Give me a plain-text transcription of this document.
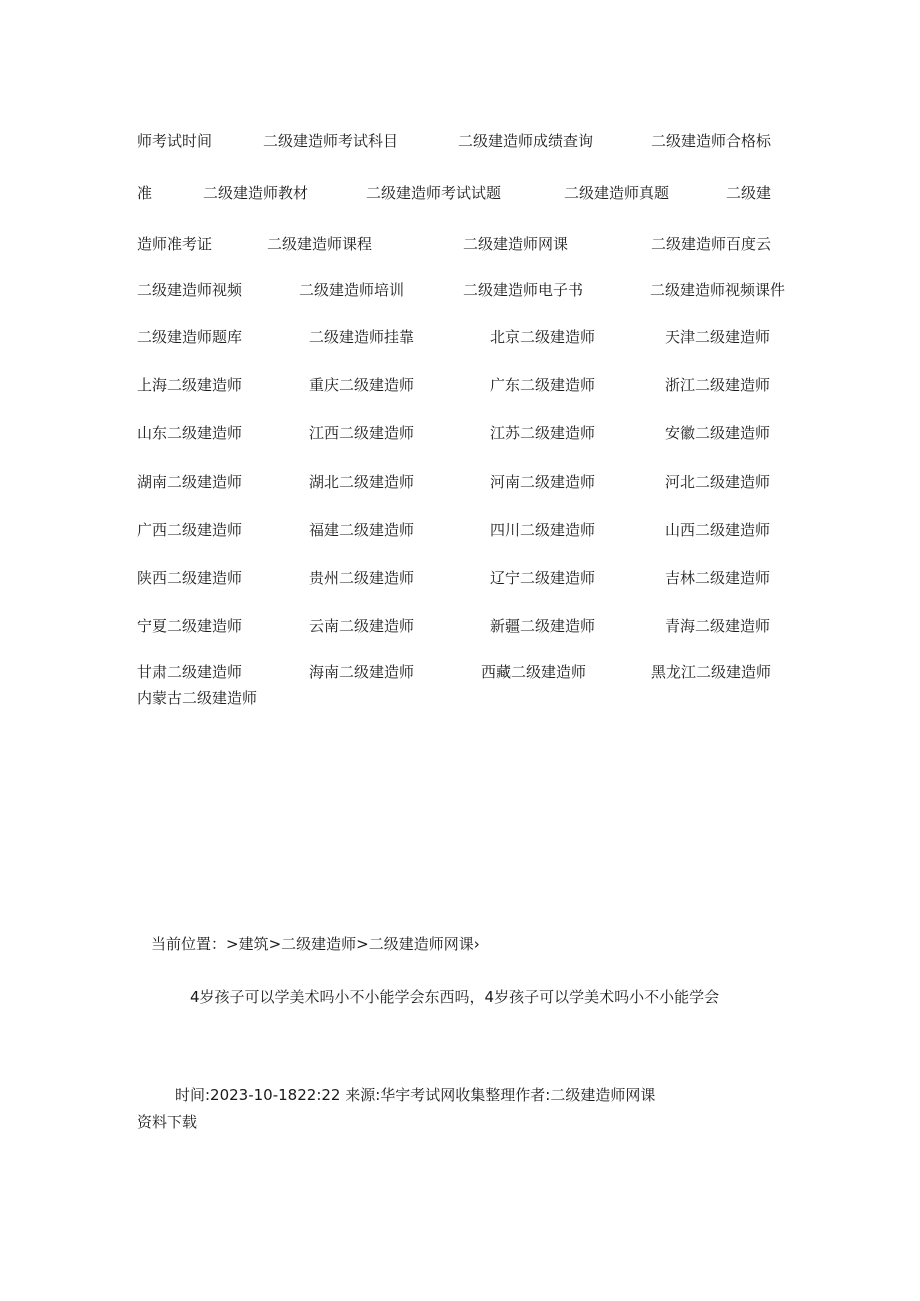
师考试时间	二级建造师考试科目	二级建造师成绩查询	二级建造师合格标
准	二级建造师教材	二级建造师考试试题	二级建造师真题	二级建
造师准考证	二级建造师课程	二级建造师网课	二级建造师百度云
二级建造师视频	二级建造师培训	二级建造师电子书	二级建造师视频课件
二级建造师题库	二级建造师挂靠	北京二级建造师	天津二级建造师
上海二级建造师	重庆二级建造师	广东二级建造师	浙江二级建造师
山东二级建造师	江西二级建造师	江苏二级建造师	安徽二级建造师
湖南二级建造师	湖北二级建造师	河南二级建造师	河北二级建造师
广西二级建造师	福建二级建造师	四川二级建造师	山西二级建造师
陕西二级建造师	贵州二级建造师	辽宁二级建造师	吉林二级建造师
宁夏二级建造师	云南二级建造师	新疆二级建造师	青海二级建造师
甘肃二级建造师	海南二级建造师	西藏二级建造师	黑龙江二级建造师
内蒙古二级建造师
当前位置：>建筑>二级建造师>二级建造师网课›
4岁孩子可以学美术吗小不小能学会东西吗，4岁孩子可以学美术吗小不小能学会
时间:2023-10-1822:22 来源:华宇考试网收集整理作者:二级建造师网课
资料下载
